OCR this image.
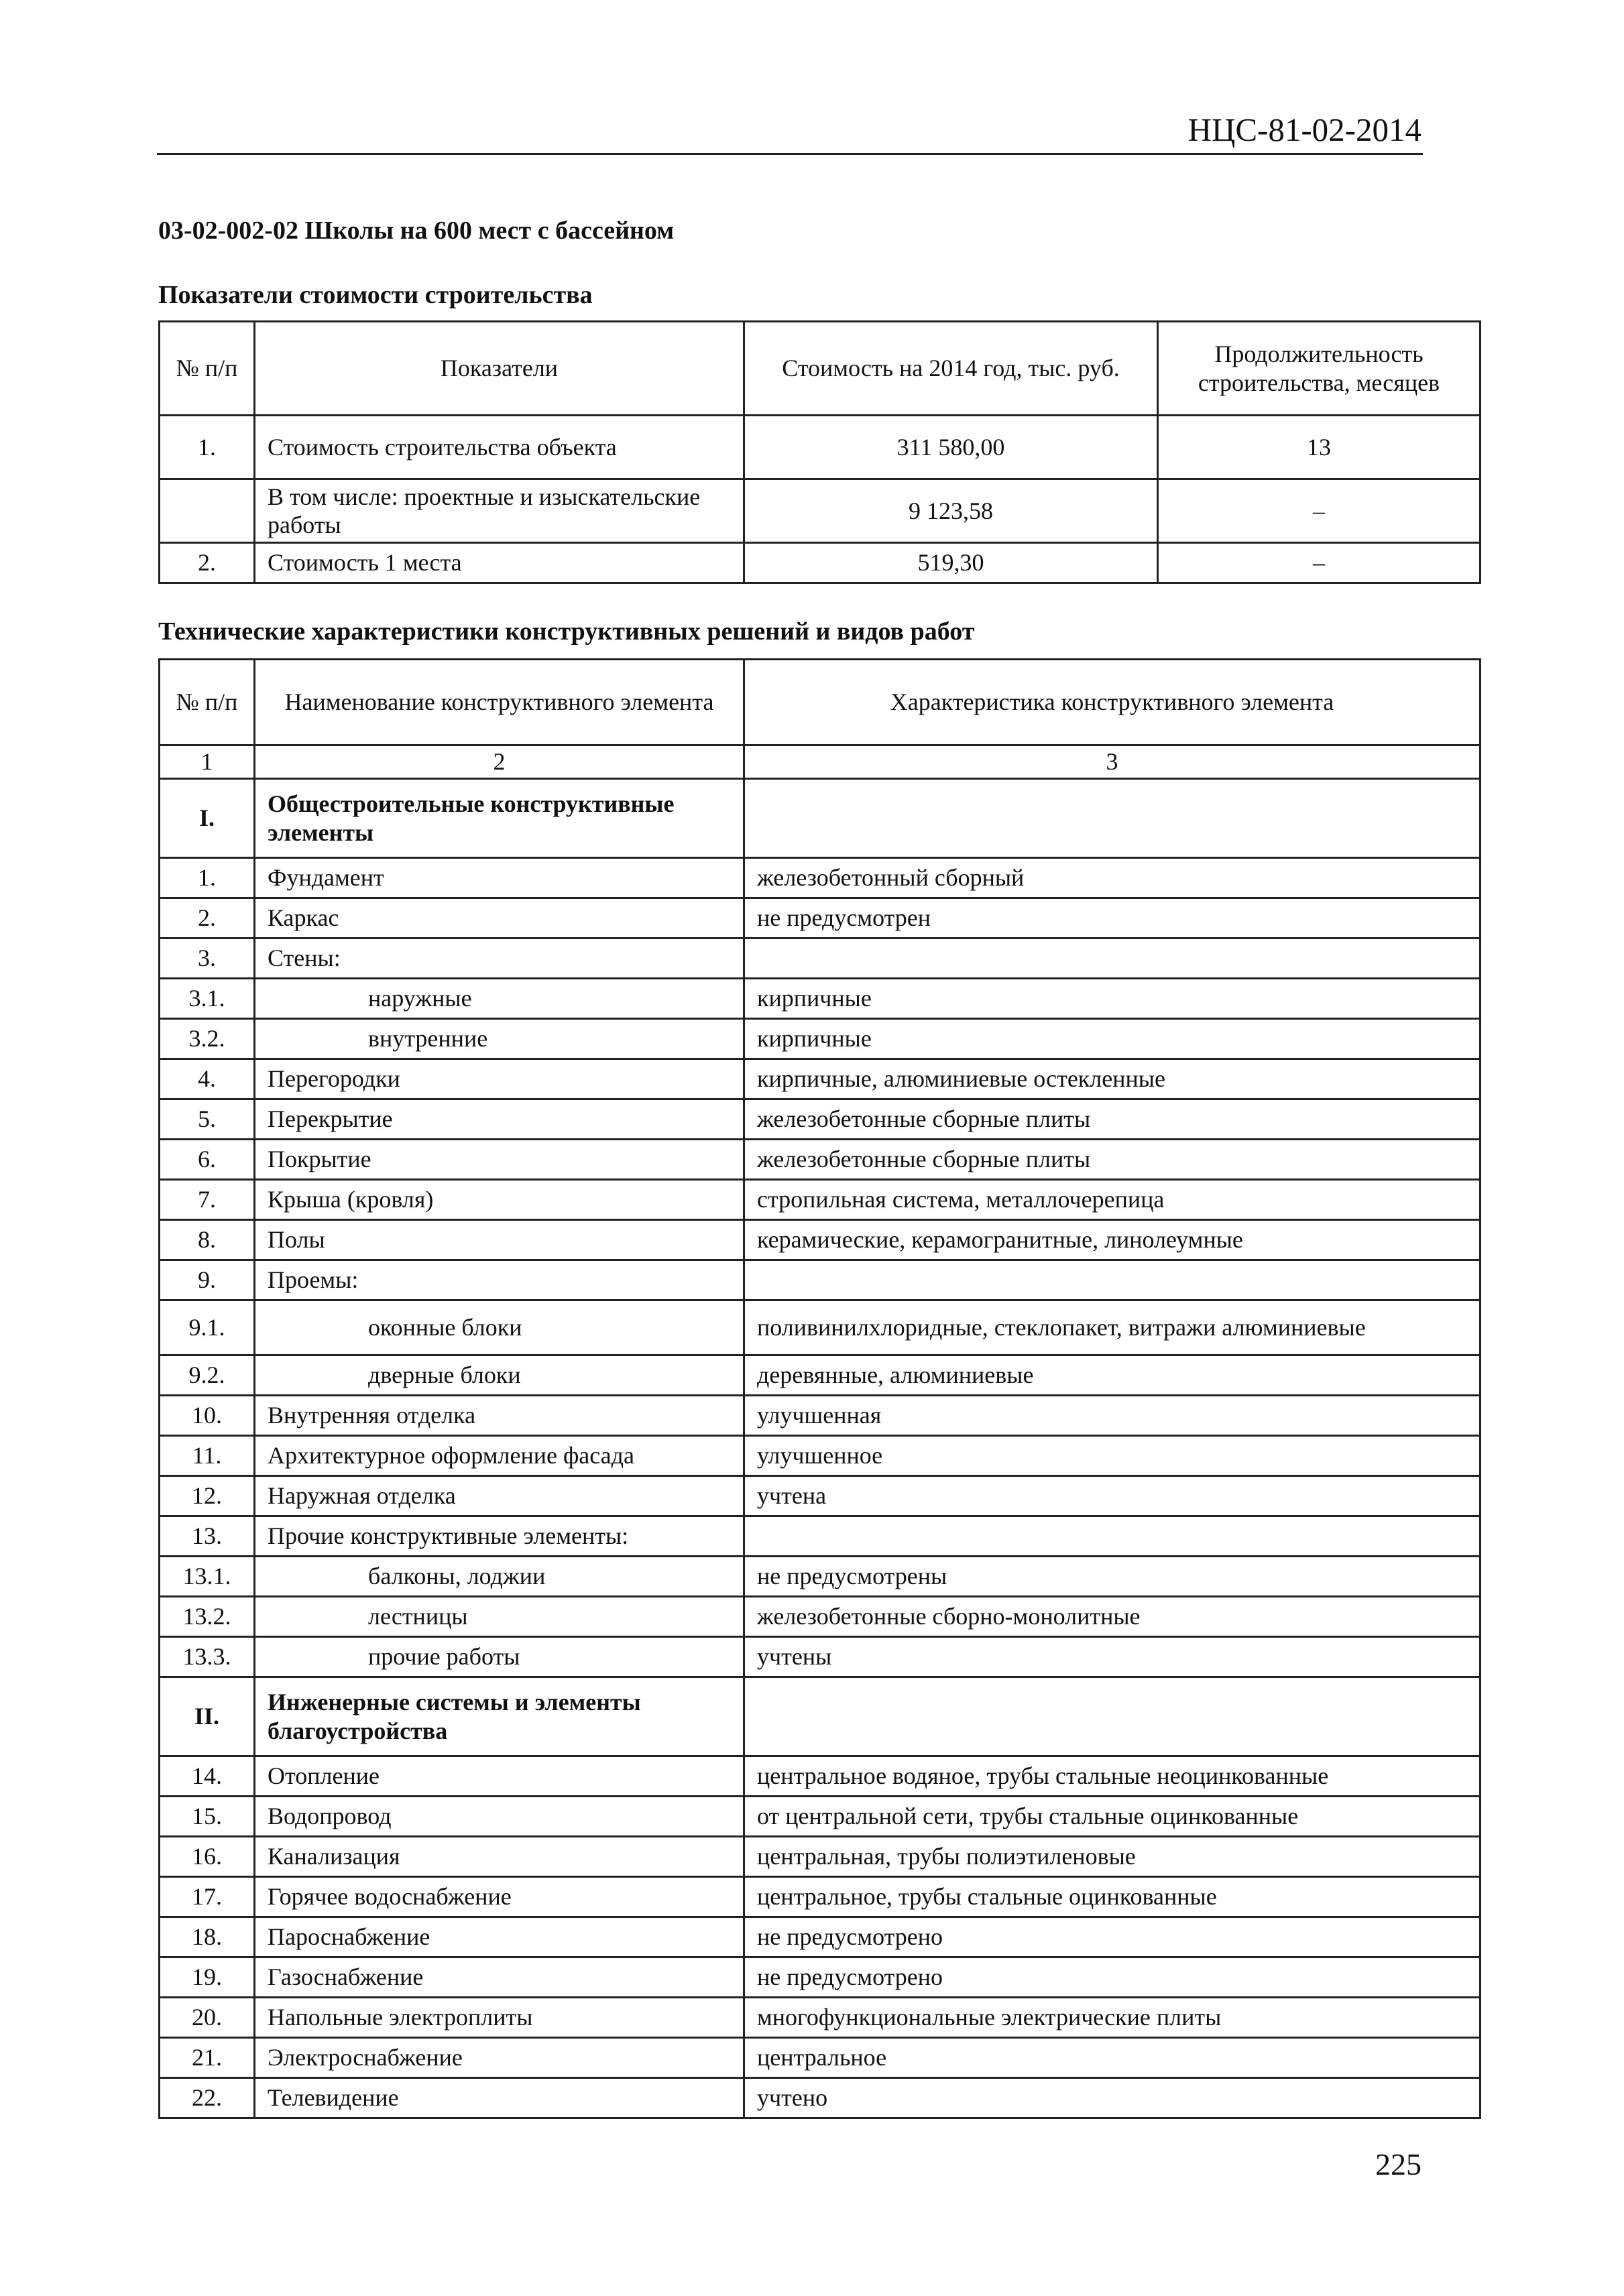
НЦС-81-02-2014
03-02-002-02 Школы на 600 мест с бассейном
Показатели стоимости строительства
№ п/п	Показатели	Стоимость на 2014 год, тыс. руб.	Продолжительность строительства, месяцев
1.	Стоимость строительства объекта	311 580,00	13
	В том числе: проектные и изыскательские работы	9 123,58	–
2.	Стоимость 1 места	519,30	–
Технические характеристики конструктивных решений и видов работ
№ п/п	Наименование конструктивного элемента	Характеристика конструктивного элемента
1	2	3
I.	Общестроительные конструктивные элементы	
1.	Фундамент	железобетонный сборный
2.	Каркас	не предусмотрен
3.	Стены:	
3.1.	наружные	кирпичные
3.2.	внутренние	кирпичные
4.	Перегородки	кирпичные, алюминиевые остекленные
5.	Перекрытие	железобетонные сборные плиты
6.	Покрытие	железобетонные сборные плиты
7.	Крыша (кровля)	стропильная система, металлочерепица
8.	Полы	керамические, керамогранитные, линолеумные
9.	Проемы:	
9.1.	оконные блоки	поливинилхлоридные, стеклопакет, витражи алюминиевые
9.2.	дверные блоки	деревянные, алюминиевые
10.	Внутренняя отделка	улучшенная
11.	Архитектурное оформление фасада	улучшенное
12.	Наружная отделка	учтена
13.	Прочие конструктивные элементы:	
13.1.	балконы, лоджии	не предусмотрены
13.2.	лестницы	железобетонные сборно-монолитные
13.3.	прочие работы	учтены
II.	Инженерные системы и элементы благоустройства	
14.	Отопление	центральное водяное, трубы стальные неоцинкованные
15.	Водопровод	от центральной сети, трубы стальные оцинкованные
16.	Канализация	центральная, трубы полиэтиленовые
17.	Горячее водоснабжение	центральное, трубы стальные оцинкованные
18.	Пароснабжение	не предусмотрено
19.	Газоснабжение	не предусмотрено
20.	Напольные электроплиты	многофункциональные электрические плиты
21.	Электроснабжение	центральное
22.	Телевидение	учтено
225
